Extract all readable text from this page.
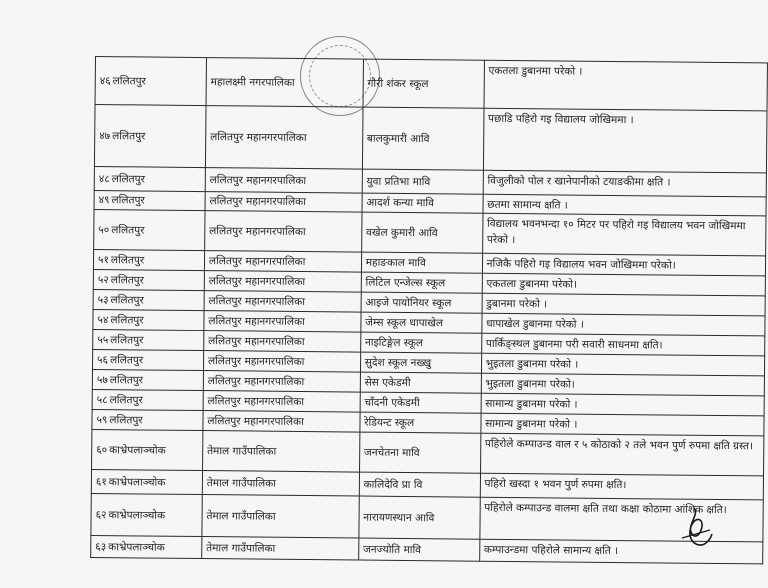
४६ ललितपुर	महालक्ष्मी नगरपालिका	गौरी शंकर स्कूल	एकतला डुबानमा परेको ।
४७ ललितपुर	ललितपुर महानगरपालिका	बालकुमारी आवि	पछाडि पहिरो गइ विद्यालय जोखिममा ।
४८ ललितपुर	ललितपुर महानगरपालिका	युवा प्रतिभा मावि	विजुलीको पोल र खानेपानीको टयाङकीमा क्षति ।
४९ ललितपुर	ललितपुर महानगरपालिका	आदर्श कन्या मावि	छतमा सामान्य क्षति ।
५० ललितपुर	ललितपुर महानगरपालिका	वखेल कुमारी आवि	विद्यालय भवनभन्दा १० मिटर पर पहिरो गइ विद्यालय भवन जोखिममा परेको ।
५१ ललितपुर	ललितपुर महानगरपालिका	महाङकाल मावि	नजिकै पहिरो गइ विद्यालय भवन जोखिममा परेको।
५२ ललितपुर	ललितपुर महानगरपालिका	लिटिल एन्जेल्स स्कूल	एकतला डुबानमा परेको।
५३ ललितपुर	ललितपुर महानगरपालिका	आइजे पायोनियर स्कूल	डुबानमा परेको ।
५४ ललितपुर	ललितपुर महानगरपालिका	जेम्स स्कूल धापाखेल	धापाखेल डुबानमा परेको ।
५५ ललितपुर	ललितपुर महानगरपालिका	नाइटिङ्गेल स्कूल	पार्किङ्स्थल डुबानमा परी सवारी साधनमा क्षति।
५६ ललितपुर	ललितपुर महानगरपालिका	सुदेश स्कूल नख्खु	भुइतला डुबानमा परेको ।
५७ ललितपुर	ललितपुर महानगरपालिका	सेस एकेडमी	भुइतला डुबानमा परेको।
५८ ललितपुर	ललितपुर महानगरपालिका	चाँदनी एकेडमी	सामान्य डुबानमा परेको ।
५९ ललितपुर	ललितपुर महानगरपालिका	रेडियन्ट स्कूल	सामान्य डुबानमा परेको ।
६० काभ्रेपलाञ्चोक	तेमाल गाउँपालिका	जनचेतना मावि	पहिरोले कम्पाउन्ड वाल र ५ कोठाको २ तले भवन पुर्ण रुपमा क्षति ग्रस्त।
६१ काभ्रेपलाञ्चोक	तेमाल गाउँपालिका	कालिदेवि प्रा वि	पहिरो खस्दा १ भवन पुर्ण रुपमा क्षति।
६२ काभ्रेपलाञ्चोक	तेमाल गाउँपालिका	नारायणस्थान आवि	पहिरोले कम्पाउन्ड वालमा क्षति तथा कक्षा कोठामा आंशिक क्षति।
६३ काभ्रेपलाञ्चोक	तेमाल गाउँपालिका	जनज्योति मावि	कम्पाउन्डमा पहिरोले सामान्य क्षति ।
